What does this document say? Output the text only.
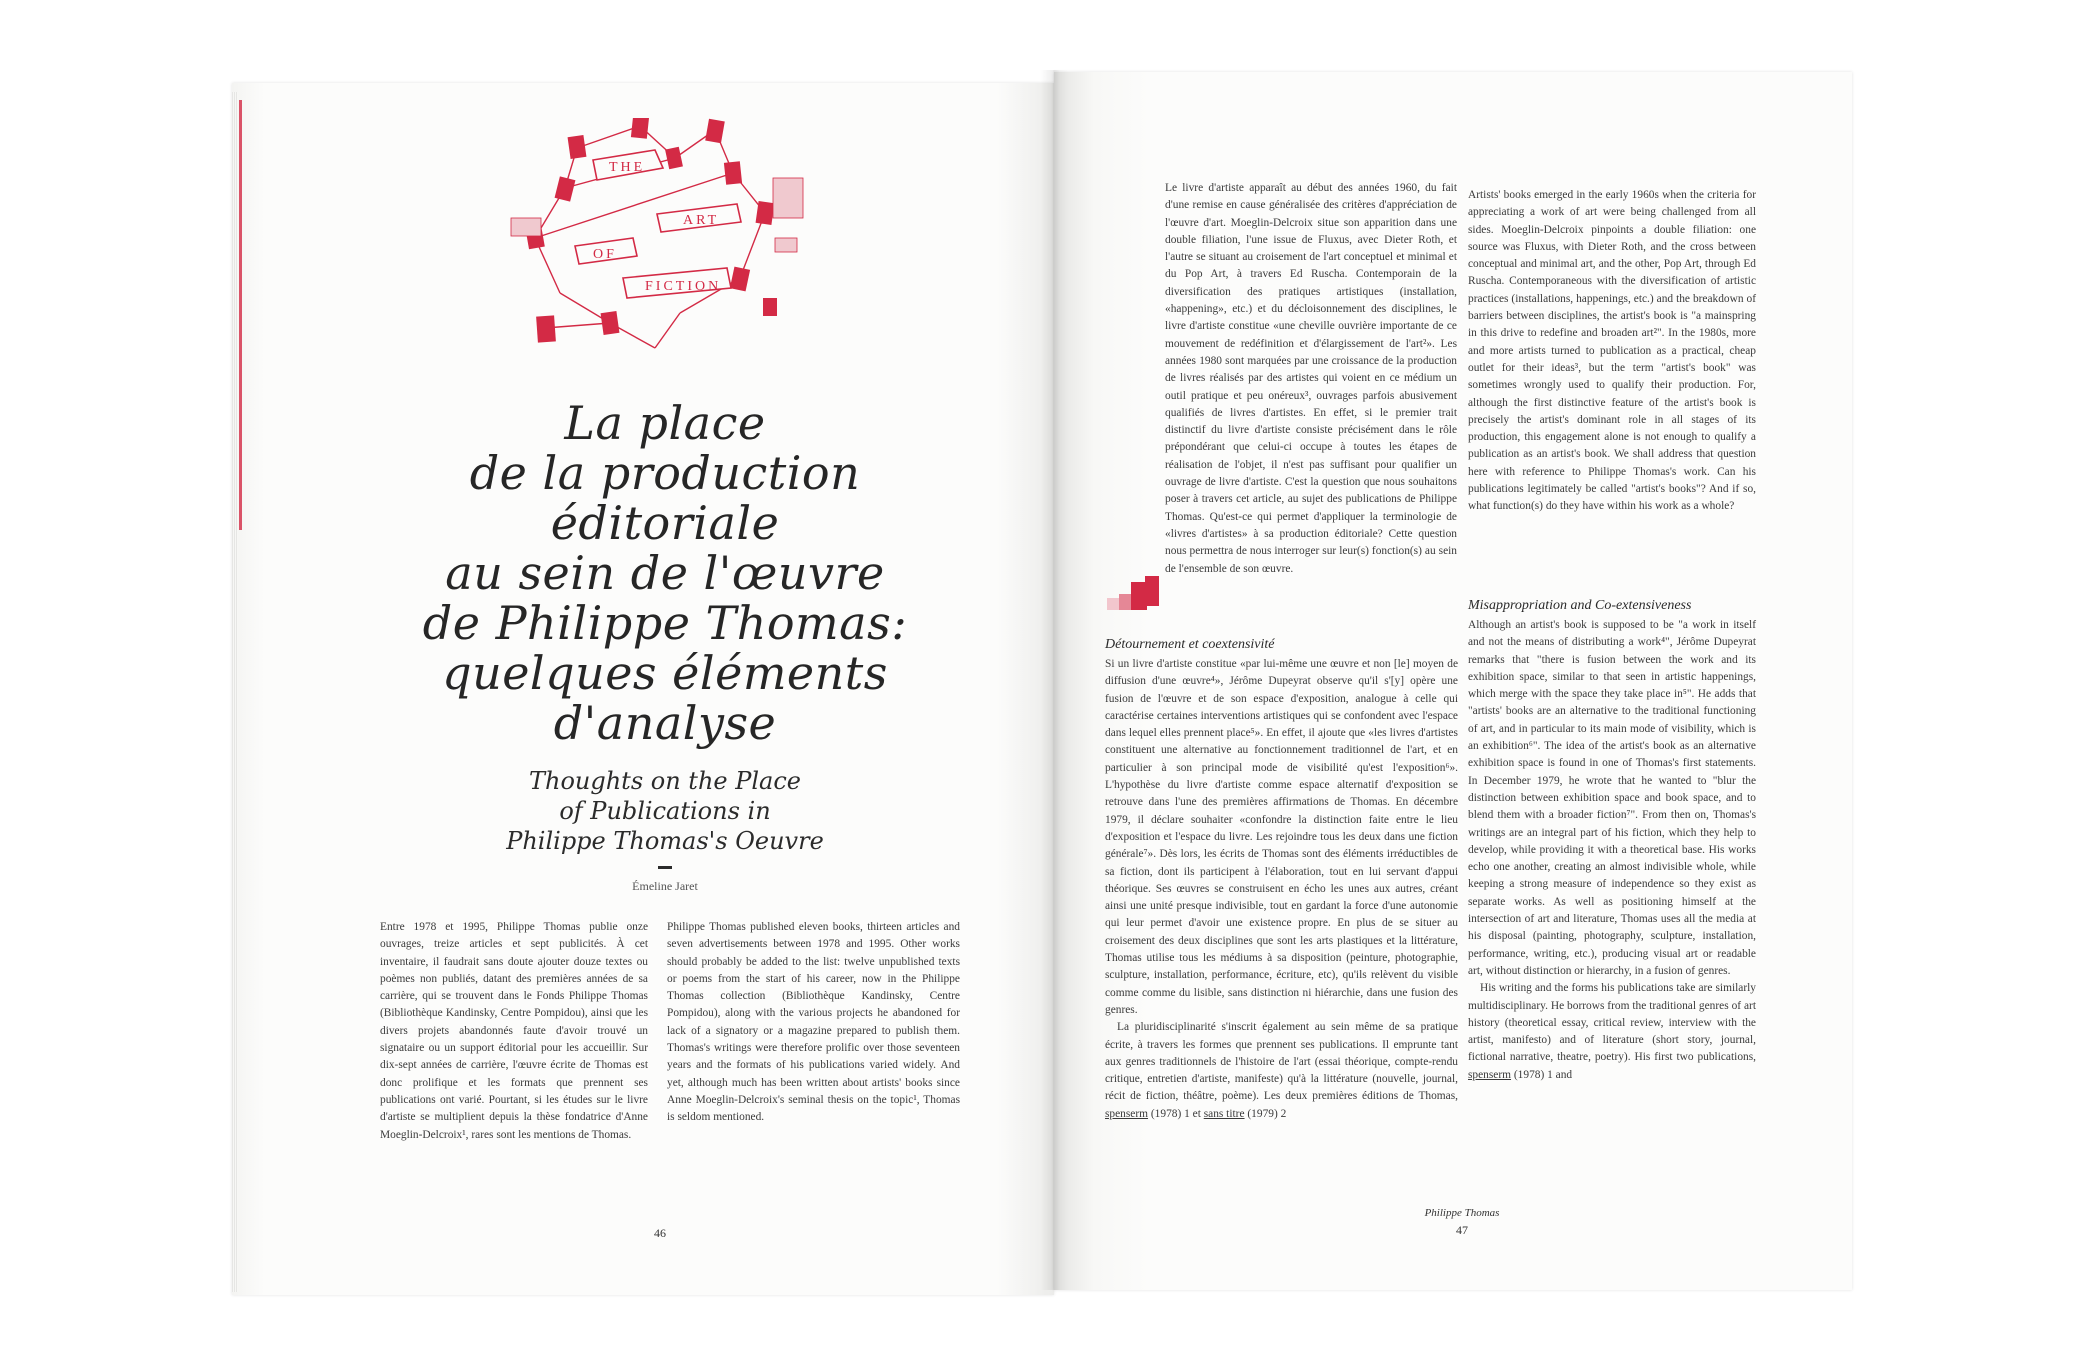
THE
ART
OF
FICTION
La place
de la production
éditoriale
au sein de l'œuvre
de Philippe Thomas:
quelques éléments
d'analyse
Thoughts on the Place
of Publications in
Philippe Thomas's Oeuvre
Émeline Jaret

Entre 1978 et 1995, Philippe Thomas publie onze ouvrages, treize articles et sept publicités. À cet inventaire, il faudrait sans doute ajouter douze textes ou poèmes non publiés, datant des premières années de sa carrière, qui se trouvent dans le Fonds Philippe Thomas (Bibliothèque Kandinsky, Centre Pompidou), ainsi que les divers projets abandonnés faute d'avoir trouvé un signataire ou un support éditorial pour les accueillir. Sur dix-sept années de carrière, l'œuvre écrite de Thomas est donc prolifique et les formats que prennent ses publications ont varié. Pourtant, si les études sur le livre d'artiste se multiplient depuis la thèse fondatrice d'Anne Moeglin-Delcroix¹, rares sont les mentions de Thomas.

Philippe Thomas published eleven books, thirteen articles and seven advertisements between 1978 and 1995. Other works should probably be added to the list: twelve unpublished texts or poems from the start of his career, now in the Philippe Thomas collection (Bibliothèque Kandinsky, Centre Pompidou), along with the various projects he abandoned for lack of a signatory or a magazine prepared to publish them. Thomas's writings were therefore prolific over those seventeen years and the formats of his publications varied widely. And yet, although much has been written about artists' books since Anne Moeglin-Delcroix's seminal thesis on the topic¹, Thomas is seldom mentioned.

46

Le livre d'artiste apparaît au début des années 1960, du fait d'une remise en cause généralisée des critères d'appréciation de l'œuvre d'art. Moeglin-Delcroix situe son apparition dans une double filiation, l'une issue de Fluxus, avec Dieter Roth, et l'autre se situant au croisement de l'art conceptuel et minimal et du Pop Art, à travers Ed Ruscha. Contemporain de la diversification des pratiques artistiques (installation, «happening», etc.) et du décloisonnement des disciplines, le livre d'artiste constitue «une cheville ouvrière importante de ce mouvement de redéfinition et d'élargissement de l'art²». Les années 1980 sont marquées par une croissance de la production de livres réalisés par des artistes qui voient en ce médium un outil pratique et peu onéreux³, ouvrages parfois abusivement qualifiés de livres d'artistes. En effet, si le premier trait distinctif du livre d'artiste consiste précisément dans le rôle prépondérant que celui-ci occupe à toutes les étapes de réalisation de l'objet, il n'est pas suffisant pour qualifier un ouvrage de livre d'artiste. C'est la question que nous souhaitons poser à travers cet article, au sujet des publications de Philippe Thomas. Qu'est-ce qui permet d'appliquer la terminologie de «livres d'artistes» à sa production éditoriale? Cette question nous permettra de nous interroger sur leur(s) fonction(s) au sein de l'ensemble de son œuvre.

Artists' books emerged in the early 1960s when the criteria for appreciating a work of art were being challenged from all sides. Moeglin-Delcroix pinpoints a double filiation: one source was Fluxus, with Dieter Roth, and the cross between conceptual and minimal art, and the other, Pop Art, through Ed Ruscha. Contemporaneous with the diversification of artistic practices (installations, happenings, etc.) and the breakdown of barriers between disciplines, the artist's book is "a mainspring in this drive to redefine and broaden art²". In the 1980s, more and more artists turned to publication as a practical, cheap outlet for their ideas³, but the term "artist's book" was sometimes wrongly used to qualify their production. For, although the first distinctive feature of the artist's book is precisely the artist's dominant role in all stages of its production, this engagement alone is not enough to qualify a publication as an artist's book. We shall address that question here with reference to Philippe Thomas's work. Can his publications legitimately be called "artist's books"? And if so, what function(s) do they have within his work as a whole?

Détournement et coextensivité

Si un livre d'artiste constitue «par lui-même une œuvre et non [le] moyen de diffusion d'une œuvre⁴», Jérôme Dupeyrat observe qu'il s'[y] opère une fusion de l'œuvre et de son espace d'exposition, analogue à celle qui caractérise certaines interventions artistiques qui se confondent avec l'espace dans lequel elles prennent place⁵». En effet, il ajoute que «les livres d'artistes constituent une alternative au fonctionnement traditionnel de l'art, et en particulier à son principal mode de visibilité qu'est l'exposition⁶». L'hypothèse du livre d'artiste comme espace alternatif d'exposition se retrouve dans l'une des premières affirmations de Thomas. En décembre 1979, il déclare souhaiter «confondre la distinction faite entre le lieu d'exposition et l'espace du livre. Les rejoindre tous les deux dans une fiction générale⁷». Dès lors, les écrits de Thomas sont des éléments irréductibles de sa fiction, dont ils participent à l'élaboration, tout en lui servant d'appui théorique. Ses œuvres se construisent en écho les unes aux autres, créant ainsi une unité presque indivisible, tout en gardant la force d'une autonomie qui leur permet d'avoir une existence propre. En plus de se situer au croisement des deux disciplines que sont les arts plastiques et la littérature, Thomas utilise tous les médiums à sa disposition (peinture, photographie, sculpture, installation, performance, écriture, etc), qu'ils relèvent du visible comme comme du lisible, sans distinction ni hiérarchie, dans une fusion des genres.

La pluridisciplinarité s'inscrit également au sein même de sa pratique écrite, à travers les formes que prennent ses publications. Il emprunte tant aux genres traditionnels de l'histoire de l'art (essai théorique, compte-rendu critique, entretien d'artiste, manifeste) qu'à la littérature (nouvelle, journal, récit de fiction, théâtre, poème). Les deux premières éditions de Thomas, spenserm (1978) 1 et sans titre (1979) 2

Misappropriation and Co-extensiveness

Although an artist's book is supposed to be "a work in itself and not the means of distributing a work⁴", Jérôme Dupeyrat remarks that "there is fusion between the work and its exhibition space, similar to that seen in artistic happenings, which merge with the space they take place in⁵". He adds that "artists' books are an alternative to the traditional functioning of art, and in particular to its main mode of visibility, which is an exhibition⁶". The idea of the artist's book as an alternative exhibition space is found in one of Thomas's first statements. In December 1979, he wrote that he wanted to "blur the distinction between exhibition space and book space, and to blend them with a broader fiction⁷". From then on, Thomas's writings are an integral part of his fiction, which they help to develop, while providing it with a theoretical base. His works echo one another, creating an almost indivisible whole, while keeping a strong measure of independence so they exist as separate works. As well as positioning himself at the intersection of art and literature, Thomas uses all the media at his disposal (painting, photography, sculpture, installation, performance, writing, etc.), producing visual art or readable art, without distinction or hierarchy, in a fusion of genres.

His writing and the forms his publications take are similarly multidisciplinary. He borrows from the traditional genres of art history (theoretical essay, critical review, interview with the artist, manifesto) and of literature (short story, journal, fictional narrative, theatre, poetry). His first two publications, spenserm (1978) 1 and

Philippe Thomas
47
